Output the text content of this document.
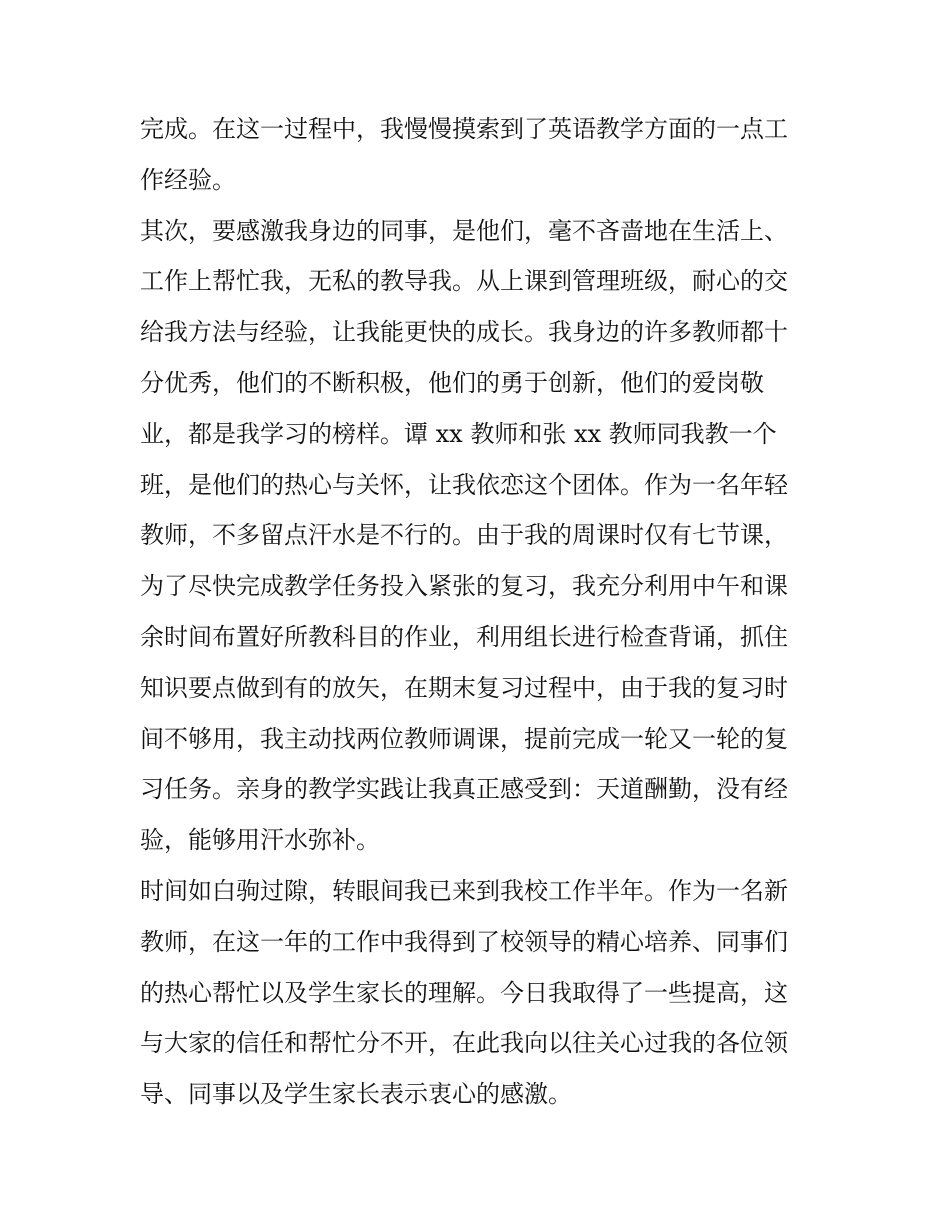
完成。在这一过程中，我慢慢摸索到了英语教学方面的一点工
作经验。
其次，要感激我身边的同事，是他们，毫不吝啬地在生活上、
工作上帮忙我，无私的教导我。从上课到管理班级，耐心的交
给我方法与经验，让我能更快的成长。我身边的许多教师都十
分优秀，他们的不断积极，他们的勇于创新，他们的爱岗敬
业，都是我学习的榜样。谭 xx 教师和张 xx 教师同我教一个
班，是他们的热心与关怀，让我依恋这个团体。作为一名年轻
教师，不多留点汗水是不行的。由于我的周课时仅有七节课，
为了尽快完成教学任务投入紧张的复习，我充分利用中午和课
余时间布置好所教科目的作业，利用组长进行检查背诵，抓住
知识要点做到有的放矢，在期末复习过程中，由于我的复习时
间不够用，我主动找两位教师调课，提前完成一轮又一轮的复
习任务。亲身的教学实践让我真正感受到：天道酬勤，没有经
验，能够用汗水弥补。
时间如白驹过隙，转眼间我已来到我校工作半年。作为一名新
教师，在这一年的工作中我得到了校领导的精心培养、同事们
的热心帮忙以及学生家长的理解。今日我取得了一些提高，这
与大家的信任和帮忙分不开，在此我向以往关心过我的各位领
导、同事以及学生家长表示衷心的感激。
